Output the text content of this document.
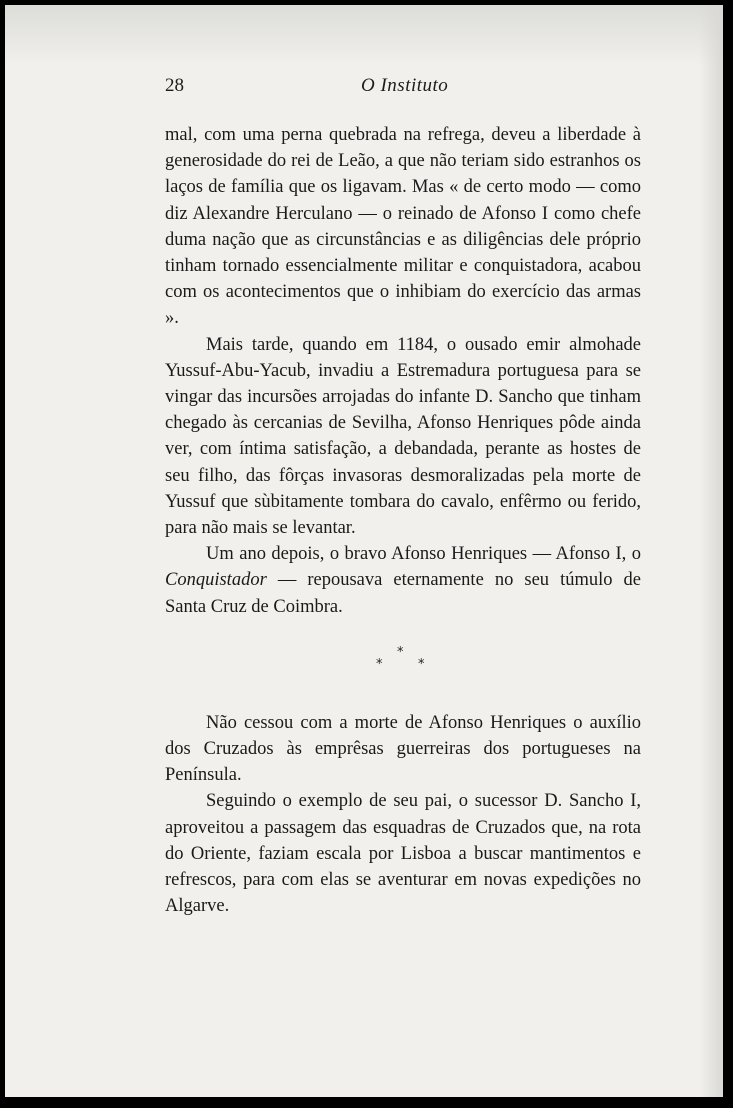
28	O Instituto

mal, com uma perna quebrada na refrega, deveu a liberdade à generosidade do rei de Leão, a que não teriam sido estranhos os laços de família que os ligavam. Mas « de certo modo — como diz Alexandre Herculano — o reinado de Afonso I como chefe duma nação que as circunstâncias e as diligências dele próprio tinham tornado essencialmente militar e conquistadora, acabou com os acontecimentos que o inhibiam do exercício das armas ».

Mais tarde, quando em 1184, o ousado emir almohade Yussuf-Abu-Yacub, invadiu a Estremadura portuguesa para se vingar das incursões arrojadas do infante D. Sancho que tinham chegado às cercanias de Sevilha, Afonso Henriques pôde ainda ver, com íntima satisfação, a debandada, perante as hostes de seu filho, das fôrças invasoras desmoralizadas pela morte de Yussuf que sùbitamente tombara do cavalo, enfêrmo ou ferido, para não mais se levantar.

Um ano depois, o bravo Afonso Henriques — Afonso I, o Conquistador — repousava eternamente no seu túmulo de Santa Cruz de Coimbra.

*
*	*

Não cessou com a morte de Afonso Henriques o auxílio dos Cruzados às emprêsas guerreiras dos portugueses na Península.

Seguindo o exemplo de seu pai, o sucessor D. Sancho I, aproveitou a passagem das esquadras de Cruzados que, na rota do Oriente, faziam escala por Lisboa a buscar mantimentos e refrescos, para com elas se aventurar em novas expedições no Algarve.
